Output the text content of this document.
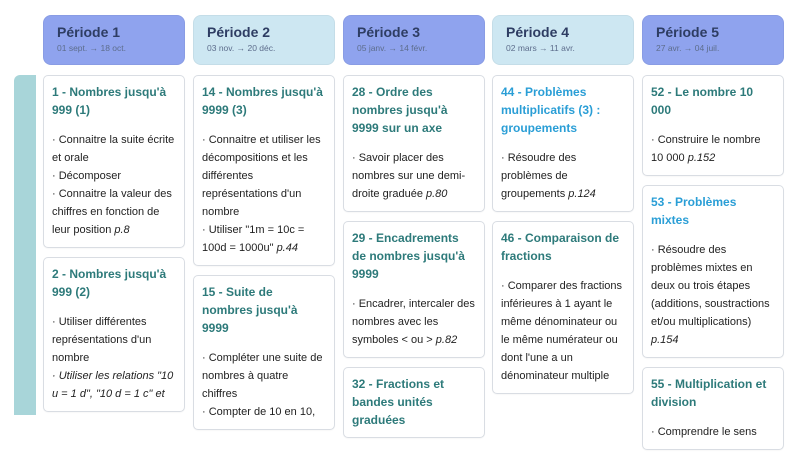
Période 1
01 sept. → 18 oct.
1 - Nombres jusqu'à 999 (1)
· Connaitre la suite écrite et orale
· Décomposer
· Connaitre la valeur des chiffres en fonction de leur position p.8
2 - Nombres jusqu'à 999 (2)
· Utiliser différentes représentations d'un nombre
· Utiliser les relations "10 u = 1 d", "10 d = 1 c" et
Période 2
03 nov. → 20 déc.
14 - Nombres jusqu'à 9999 (3)
· Connaitre et utiliser les décompositions et les différentes représentations d'un nombre
· Utiliser "1m = 10c = 100d = 1000u" p.44
15 - Suite de nombres jusqu'à 9999
· Compléter une suite de nombres à quatre chiffres
· Compter de 10 en 10,
Période 3
05 janv. → 14 févr.
28 - Ordre des nombres jusqu'à 9999 sur un axe
· Savoir placer des nombres sur une demi-droite graduée p.80
29 - Encadrements de nombres jusqu'à 9999
· Encadrer, intercaler des nombres avec les symboles < ou > p.82
32 - Fractions et bandes unités graduées
Période 4
02 mars → 11 avr.
44 - Problèmes multiplicatifs (3) : groupements
· Résoudre des problèmes de groupements p.124
46 - Comparaison de fractions
· Comparer des fractions inférieures à 1 ayant le même dénominateur ou le même numérateur ou dont l'une a un dénominateur multiple
Période 5
27 avr. → 04 juil.
52 - Le nombre 10 000
· Construire le nombre 10 000 p.152
53 - Problèmes mixtes
· Résoudre des problèmes mixtes en deux ou trois étapes (additions, soustractions et/ou multiplications) p.154
55 - Multiplication et division
· Comprendre le sens
